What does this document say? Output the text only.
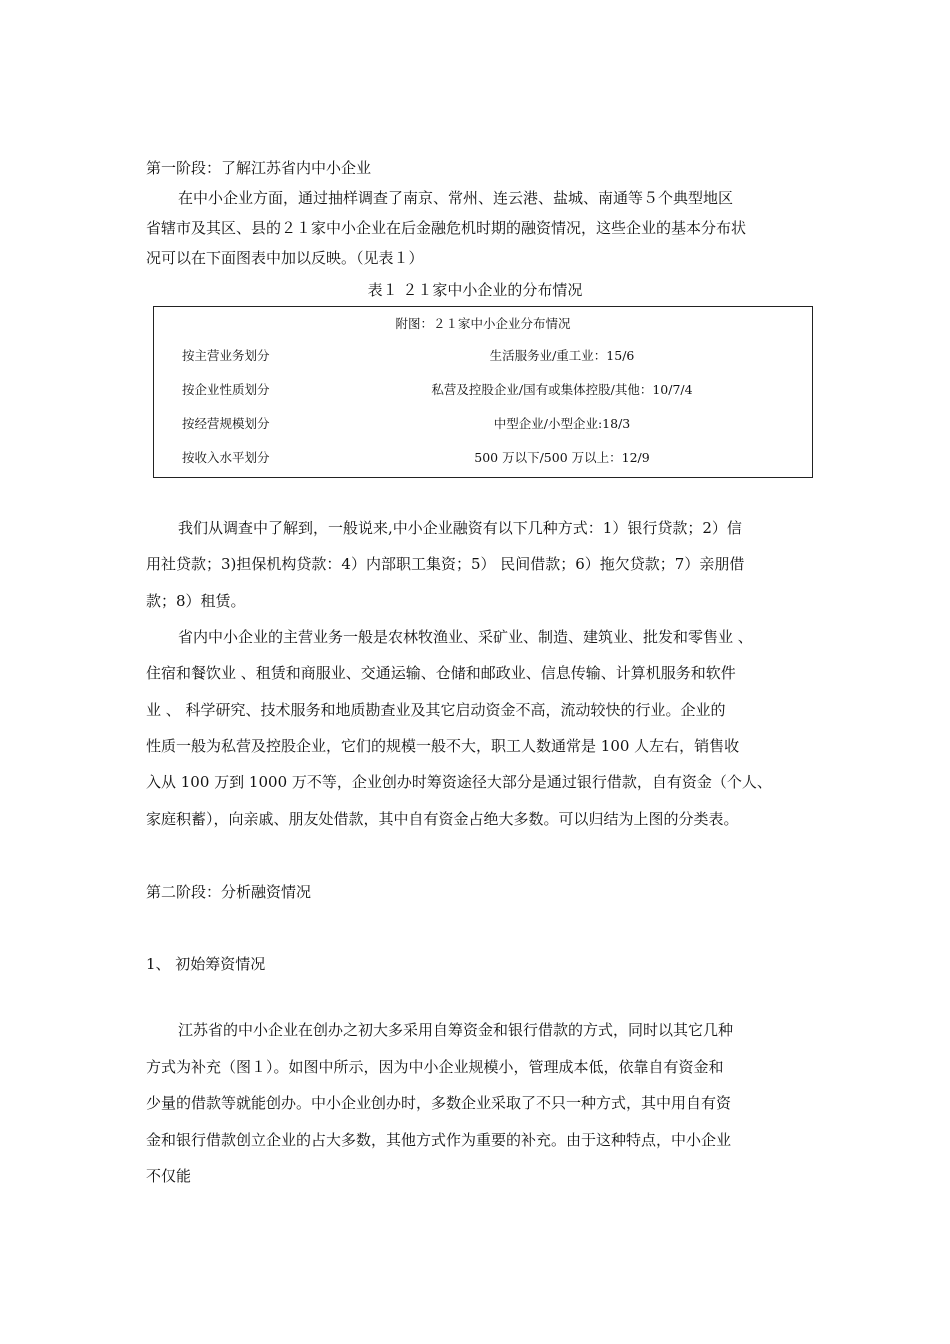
第一阶段：了解江苏省内中小企业
在中小企业方面，通过抽样调查了南京、常州、连云港、盐城、南通等５个典型地区
省辖市及其区、县的２１家中小企业在后金融危机时期的融资情况，这些企业的基本分布状
况可以在下面图表中加以反映。（见表１）
表１ ２１家中小企业的分布情况
附图：２１家中小企业分布情况
按主营业务划分	生活服务业/重工业：15/6
按企业性质划分	私营及控股企业/国有或集体控股/其他：10/7/4
按经营规模划分	中型企业/小型企业:18/3
按收入水平划分	500 万以下/500 万以上：12/9
我们从调查中了解到，一般说来,中小企业融资有以下几种方式：1）银行贷款；2）信
用社贷款；3)担保机构贷款：4）内部职工集资；5） 民间借款；6）拖欠贷款；7）亲朋借
款；8）租赁。
省内中小企业的主营业务一般是农林牧渔业、采矿业、制造、建筑业、批发和零售业 、
住宿和餐饮业 、租赁和商服业、交通运输、仓储和邮政业、信息传输、计算机服务和软件
业 、 科学研究、技术服务和地质勘查业及其它启动资金不高，流动较快的行业。企业的
性质一般为私营及控股企业，它们的规模一般不大，职工人数通常是 100 人左右，销售收
入从 100 万到 1000 万不等，企业创办时筹资途径大部分是通过银行借款，自有资金（个人、
家庭积蓄），向亲戚、朋友处借款，其中自有资金占绝大多数。可以归结为上图的分类表。
第二阶段：分析融资情况
1、 初始筹资情况
江苏省的中小企业在创办之初大多采用自筹资金和银行借款的方式，同时以其它几种
方式为补充（图１）。如图中所示，因为中小企业规模小，管理成本低，依靠自有资金和
少量的借款等就能创办。中小企业创办时，多数企业采取了不只一种方式，其中用自有资
金和银行借款创立企业的占大多数，其他方式作为重要的补充。由于这种特点，中小企业
不仅能
